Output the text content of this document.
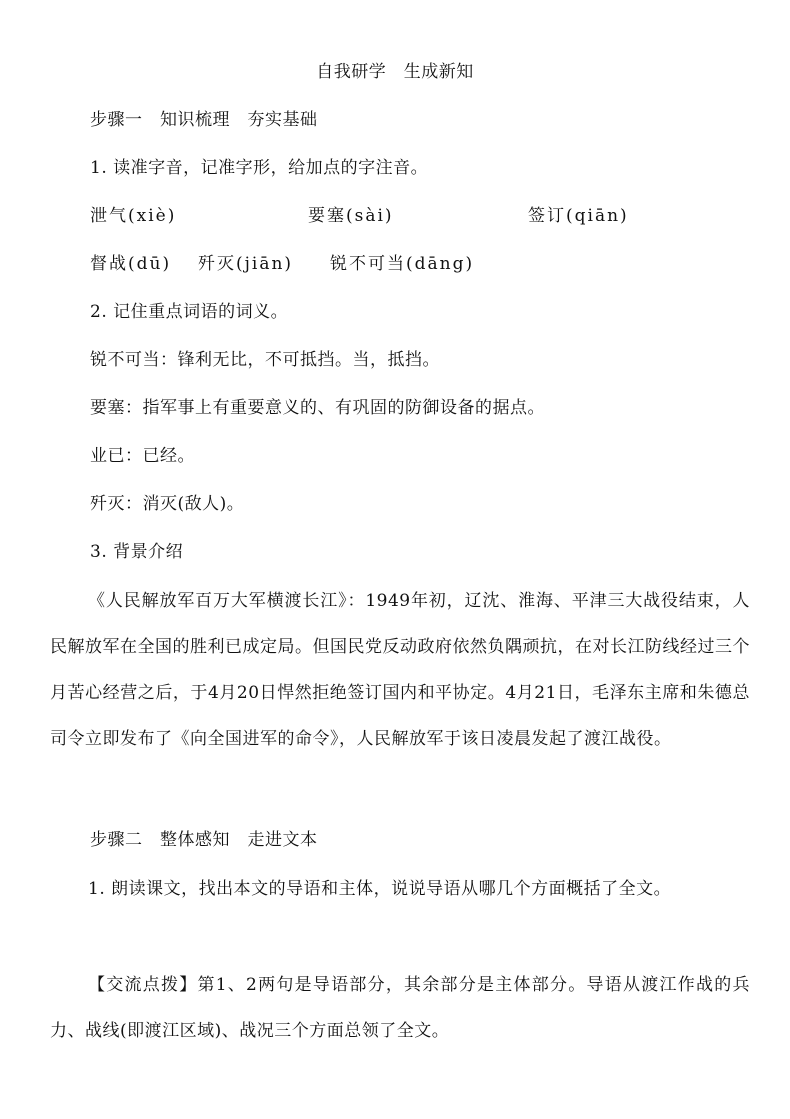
自我研学　生成新知
步骤一　知识梳理　夯实基础
1. 读准字音，记准字形，给加点的字注音。
泄气(xiè)	要塞(sài)	签订(qiān)
督战(dū) 歼灭(jiān) 锐不可当(dāng)
2. 记住重点词语的词义。
锐不可当：锋利无比，不可抵挡。当，抵挡。
要塞：指军事上有重要意义的、有巩固的防御设备的据点。
业已：已经。
歼灭：消灭(敌人)。
3. 背景介绍
《人民解放军百万大军横渡长江》：1949年初，辽沈、淮海、平津三大战役结束，人民解放军在全国的胜利已成定局。但国民党反动政府依然负隅顽抗，在对长江防线经过三个月苦心经营之后，于4月20日悍然拒绝签订国内和平协定。4月21日，毛泽东主席和朱德总司令立即发布了《向全国进军的命令》，人民解放军于该日凌晨发起了渡江战役。
步骤二　整体感知　走进文本
1. 朗读课文，找出本文的导语和主体，说说导语从哪几个方面概括了全文。
【交流点拨】第1、2两句是导语部分，其余部分是主体部分。导语从渡江作战的兵力、战线(即渡江区域)、战况三个方面总领了全文。
